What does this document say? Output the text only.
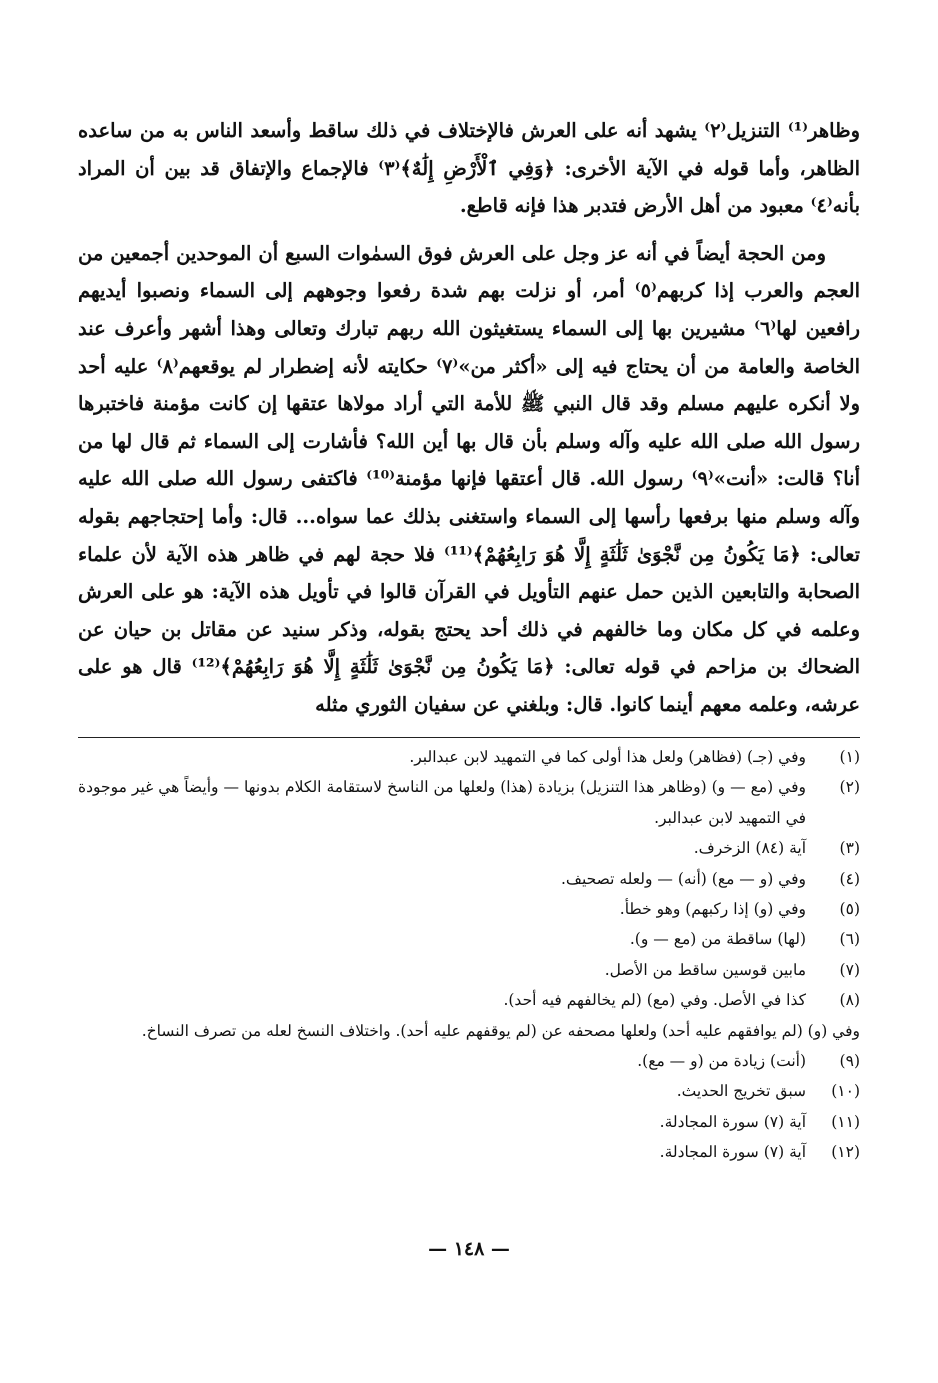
وظاهر⁽¹⁾ التنزيل⁽٢⁾ يشهد أنه على العرش فالإختلاف في ذلك ساقط وأسعد الناس به من ساعده الظاهر، وأما قوله في الآية الأخرى: ﴿وَفِي ٱلْأَرْضِ إِلَٰهٌ﴾⁽٣⁾ فالإجماع والإتفاق قد بين أن المراد بأنه⁽٤⁾ معبود من أهل الأرض فتدبر هذا فإنه قاطع.

ومن الحجة أيضاً في أنه عز وجل على العرش فوق السمٰوات السبع أن الموحدين أجمعين من العجم والعرب إذا كربهم⁽٥⁾ أمر، أو نزلت بهم شدة رفعوا وجوههم إلى السماء ونصبوا أيديهم رافعين لها⁽٦⁾ مشيرين بها إلى السماء يستغيثون الله ربهم تبارك وتعالى وهذا أشهر وأعرف عند الخاصة والعامة من أن يحتاج فيه إلى «أكثر من»⁽٧⁾ حكايته لأنه إضطرار لم يوقعهم⁽٨⁾ عليه أحد ولا أنكره عليهم مسلم وقد قال النبي ﷺ للأمة التي أراد مولاها عتقها إن كانت مؤمنة فاختبرها رسول الله صلى الله عليه وآله وسلم بأن قال بها أين الله؟ فأشارت إلى السماء ثم قال لها من أنا؟ قالت: «أنت»⁽٩⁾ رسول الله. قال أعتقها فإنها مؤمنة⁽¹⁰⁾ فاكتفى رسول الله صلى الله عليه وآله وسلم منها برفعها رأسها إلى السماء واستغنى بذلك عما سواه... قال: وأما إحتجاجهم بقوله تعالى: ﴿مَا يَكُونُ مِن نَّجْوَىٰ ثَلَٰثَةٍ إِلَّا هُوَ رَابِعُهُمْ﴾⁽¹¹⁾ فلا حجة لهم في ظاهر هذه الآية لأن علماء الصحابة والتابعين الذين حمل عنهم التأويل في القرآن قالوا في تأويل هذه الآية: هو على العرش وعلمه في كل مكان وما خالفهم في ذلك أحد يحتج بقوله، وذكر سنيد عن مقاتل بن حيان عن الضحاك بن مزاحم في قوله تعالى: ﴿مَا يَكُونُ مِن نَّجْوَىٰ ثَلَٰثَةٍ إِلَّا هُوَ رَابِعُهُمْ﴾⁽¹²⁾ قال هو على عرشه، وعلمه معهم أينما كانوا. قال: وبلغني عن سفيان الثوري مثله

(١)
وفي (جـ) (فظاهر) ولعل هذا أولى كما في التمهيد لابن عبدالبر.
(٢)
وفي (مع — و) (وظاهر هذا التنزيل) بزيادة (هذا) ولعلها من الناسخ لاستقامة الكلام بدونها — وأيضاً هي غير موجودة في التمهيد لابن عبدالبر.
(٣)
آية (٨٤) الزخرف.
(٤)
وفي (و — مع) (أنه) — ولعله تصحيف.
(٥)
وفي (و) إذا ركبهم) وهو خطأ.
(٦)
(لها) ساقطة من (مع — و).
(٧)
مابين قوسين ساقط من الأصل.
(٨)
كذا في الأصل. وفي (مع) (لم يخالفهم فيه أحد).
وفي (و) (لم يوافقهم عليه أحد) ولعلها مصحفه عن (لم يوقفهم عليه أحد). واختلاف النسخ لعله من تصرف النساخ.
(٩)
(أنت) زيادة من (و — مع).
(١٠)
سبق تخريج الحديث.
(١١)
آية (٧) سورة المجادلة.
(١٢)
آية (٧) سورة المجادلة.
— ١٤٨ —
